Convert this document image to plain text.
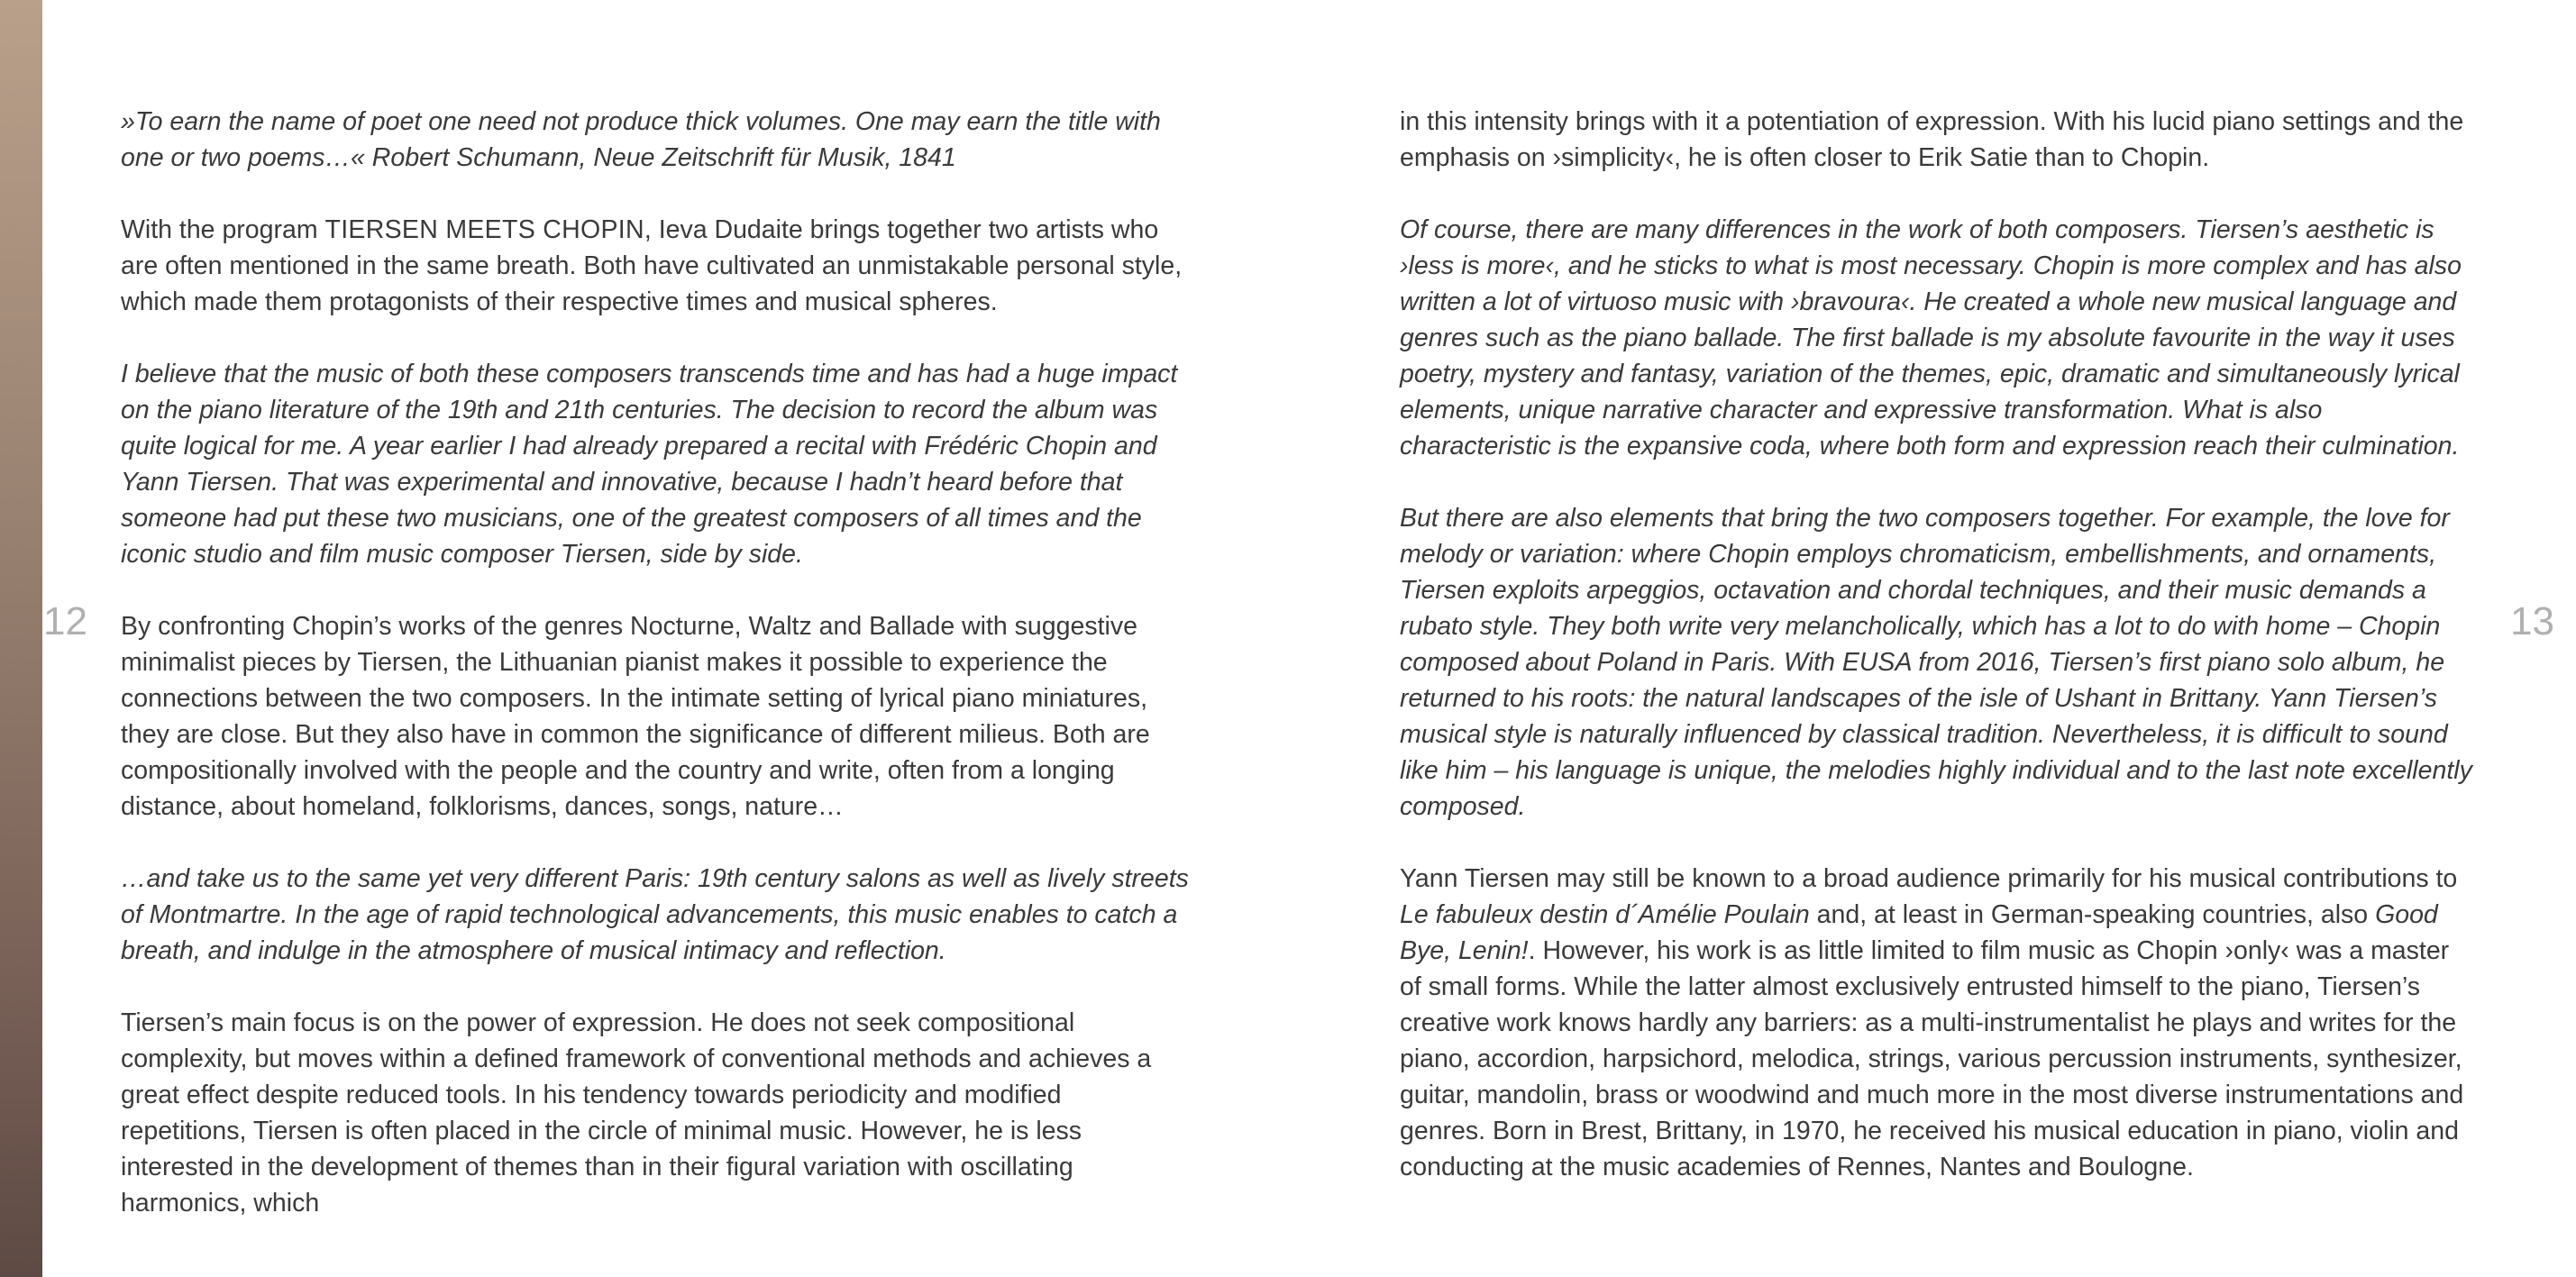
12	13

»To earn the name of poet one need not produce thick volumes. One may earn the title with one or two poems…« Robert Schumann, Neue Zeitschrift für Musik, 1841

With the program TIERSEN MEETS CHOPIN, Ieva Dudaite brings together two artists who are often mentioned in the same breath. Both have cultivated an unmistakable personal style, which made them protagonists of their respective times and musical spheres.

I believe that the music of both these composers transcends time and has had a huge impact on the piano literature of the 19th and 21th centuries. The decision to record the album was quite logical for me. A year earlier I had already prepared a recital with Frédéric Chopin and Yann Tiersen. That was experimental and innovative, because I hadn’t heard before that someone had put these two musicians, one of the greatest composers of all times and the iconic studio and film music composer Tiersen, side by side.

By confronting Chopin’s works of the genres Nocturne, Waltz and Ballade with suggestive minimalist pieces by Tiersen, the Lithuanian pianist makes it possible to experience the connections between the two composers. In the intimate setting of lyrical piano miniatures, they are close. But they also have in common the significance of different milieus. Both are compositionally involved with the people and the country and write, often from a longing distance, about homeland, folklorisms, dances, songs, nature…

…and take us to the same yet very different Paris: 19th century salons as well as lively streets of Montmartre. In the age of rapid technological advancements, this music enables to catch a breath, and indulge in the atmosphere of musical intimacy and reflection.

Tiersen’s main focus is on the power of expression. He does not seek compositional complexity, but moves within a defined framework of conventional methods and achieves a great effect despite reduced tools. In his tendency towards periodicity and modified repetitions, Tiersen is often placed in the circle of minimal music. However, he is less interested in the development of themes than in their figural variation with oscillating harmonics, which

in this intensity brings with it a potentiation of expression. With his lucid piano settings and the emphasis on ›simplicity‹, he is often closer to Erik Satie than to Chopin.

Of course, there are many differences in the work of both composers. Tiersen’s aesthetic is ›less is more‹, and he sticks to what is most necessary. Chopin is more complex and has also written a lot of virtuoso music with ›bravoura‹. He created a whole new musical language and genres such as the piano ballade. The first ballade is my absolute favourite in the way it uses poetry, mystery and fantasy, variation of the themes, epic, dramatic and simultaneously lyrical elements, unique narrative character and expressive transformation. What is also characteristic is the expansive coda, where both form and expression reach their culmination.

But there are also elements that bring the two composers together. For example, the love for melody or variation: where Chopin employs chromaticism, embellishments, and ornaments, Tiersen exploits arpeggios, octavation and chordal techniques, and their music demands a rubato style. They both write very melancholically, which has a lot to do with home – Chopin composed about Poland in Paris. With EUSA from 2016, Tiersen’s first piano solo album, he returned to his roots: the natural landscapes of the isle of Ushant in Brittany. Yann Tiersen’s musical style is naturally influenced by classical tradition. Nevertheless, it is difficult to sound like him – his language is unique, the melodies highly individual and to the last note excellently composed.

Yann Tiersen may still be known to a broad audience primarily for his musical contributions to Le fabuleux destin d´Amélie Poulain and, at least in German-speaking countries, also Good Bye, Lenin!. However, his work is as little limited to film music as Chopin ›only‹ was a master of small forms. While the latter almost exclusively entrusted himself to the piano, Tiersen’s creative work knows hardly any barriers: as a multi-instrumentalist he plays and writes for the piano, accordion, harpsichord, melodica, strings, various percussion instruments, synthesizer, guitar, mandolin, brass or woodwind and much more in the most diverse instrumentations and genres. Born in Brest, Brittany, in 1970, he received his musical education in piano, violin and conducting at the music academies of Rennes, Nantes and Boulogne.
